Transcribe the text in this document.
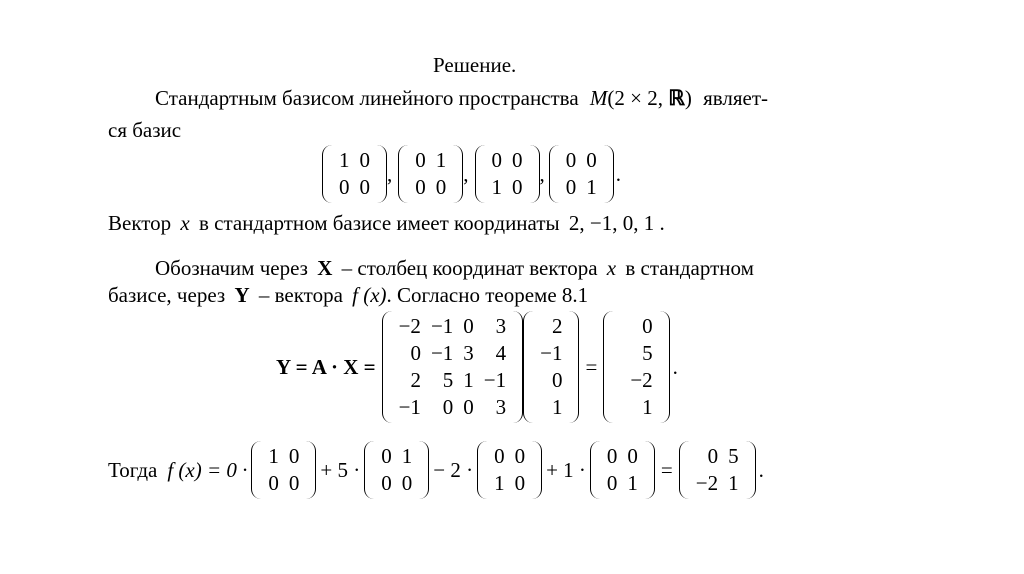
Решение.
Стандартным базисом линейного пространства M(2 × 2, ℝ) являет-
ся базис
1 0
0 0
,
0 1
0 0
,
0 0
1 0
,
0 0
0 1
.
Вектор x в стандартном базисе имеет координаты 2, −1, 0, 1 .
Обозначим через X – столбец координат вектора x в стандартном
базисе, через Y – вектора f (x). Согласно теореме 8.1
Y = A · X =
−2 −1 0	3
0 −1 3	4
2	5 1 −1
−1	0 0	3
2
−1
0
1
=
0
5
−2
1
.
Тогда f (x) = 0 ·
1 0
0 0
+ 5 ·
0 1
0 0
− 2 ·
0 0
1 0
+ 1 ·
0 0
0 1
=
0 5
−2 1
.
